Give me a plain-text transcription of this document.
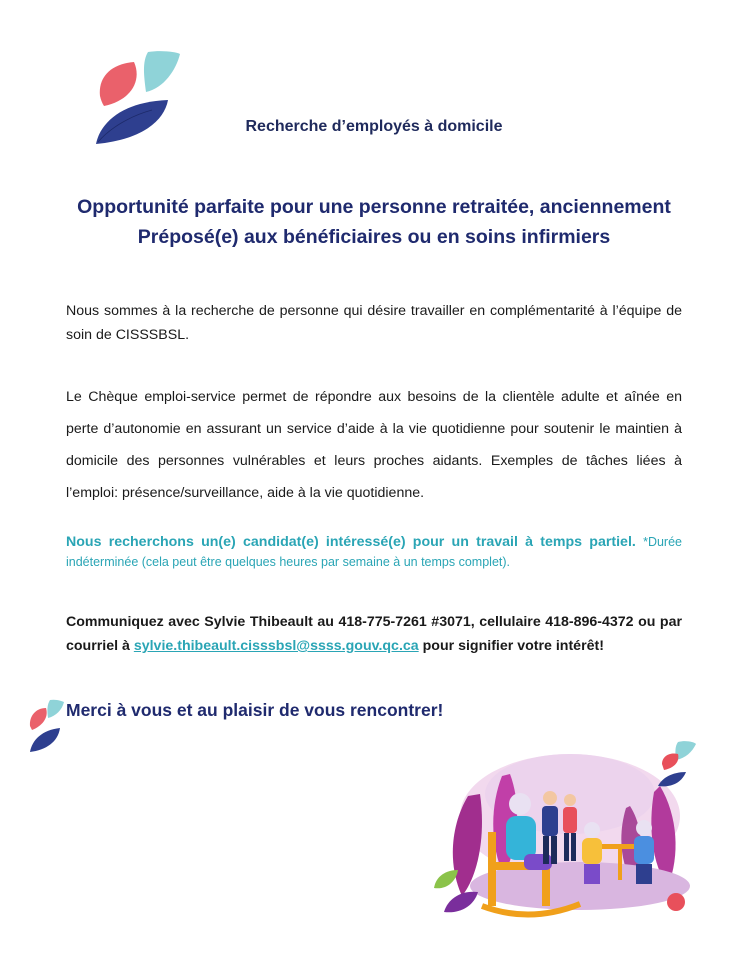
Recherche d’employés à domicile
Opportunité parfaite pour une personne retraitée, anciennement
Préposé(e) aux bénéficiaires ou en soins infirmiers
Nous sommes à la recherche de personne qui désire travailler en complémentarité à l’équipe de soin de CISSSBSL.
Le Chèque emploi-service permet de répondre aux besoins de la clientèle adulte et aînée en perte d’autonomie en assurant un service d’aide à la vie quotidienne pour soutenir le maintien à domicile des personnes vulnérables et leurs proches aidants. Exemples de tâches liées à l’emploi: présence/surveillance, aide à la vie quotidienne.
Nous recherchons un(e) candidat(e) intéressé(e) pour un travail à temps partiel. *Durée indéterminée (cela peut être quelques heures par semaine à un temps complet).
Communiquez avec Sylvie Thibeault au 418-775-7261 #3071, cellulaire 418-896-4372 ou par courriel à sylvie.thibeault.cisssbsl@ssss.gouv.qc.ca pour signifier votre intérêt!
Merci à vous et au plaisir de vous rencontrer!
